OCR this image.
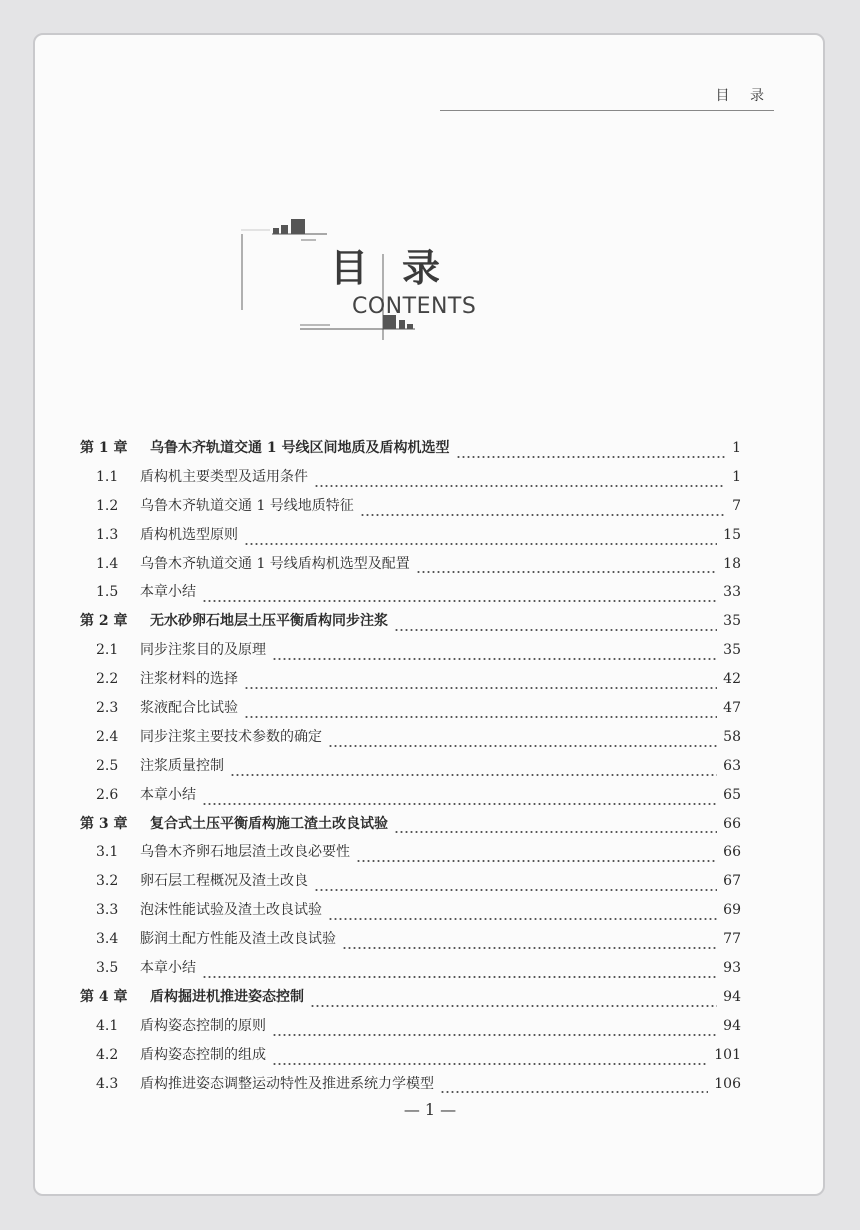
目 录
目录
CONTENTS
第 1 章	乌鲁木齐轨道交通 1 号线区间地质及盾构机选型	1
1.1	盾构机主要类型及适用条件	1
1.2	乌鲁木齐轨道交通 1 号线地质特征	7
1.3	盾构机选型原则	15
1.4	乌鲁木齐轨道交通 1 号线盾构机选型及配置	18
1.5	本章小结	33
第 2 章	无水砂卵石地层土压平衡盾构同步注浆	35
2.1	同步注浆目的及原理	35
2.2	注浆材料的选择	42
2.3	浆液配合比试验	47
2.4	同步注浆主要技术参数的确定	58
2.5	注浆质量控制	63
2.6	本章小结	65
第 3 章	复合式土压平衡盾构施工渣土改良试验	66
3.1	乌鲁木齐卵石地层渣土改良必要性	66
3.2	卵石层工程概况及渣土改良	67
3.3	泡沫性能试验及渣土改良试验	69
3.4	膨润土配方性能及渣土改良试验	77
3.5	本章小结	93
第 4 章	盾构掘进机推进姿态控制	94
4.1	盾构姿态控制的原则	94
4.2	盾构姿态控制的组成	101
4.3	盾构推进姿态调整运动特性及推进系统力学模型	106
— 1 —
